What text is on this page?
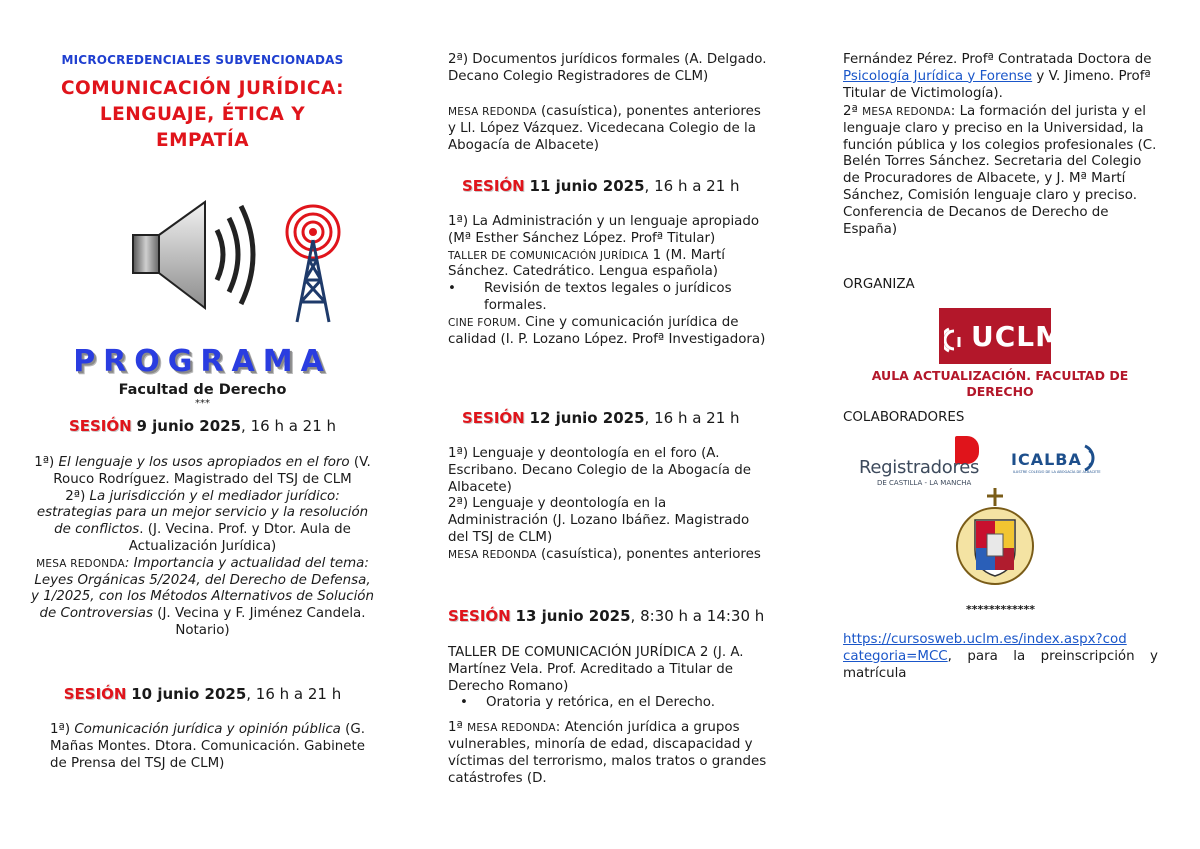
MICROCREDENCIALES SUBVENCIONADAS
COMUNICACIÓN JURÍDICA:
LENGUAJE, ÉTICA Y
EMPATÍA
PROGRAMA
Facultad de Derecho
***
SESIÓN 9 junio 2025, 16 h a 21 h
1ª) El lenguaje y los usos apropiados en el foro (V. Rouco Rodríguez. Magistrado del TSJ de CLM
2ª) La jurisdicción y el mediador jurídico: estrategias para un mejor servicio y la resolución de conflictos. (J. Vecina. Prof. y Dtor. Aula de Actualización Jurídica)
MESA REDONDA: Importancia y actualidad del tema: Leyes Orgánicas 5/2024, del Derecho de Defensa, y 1/2025, con los Métodos Alternativos de Solución de Controversias (J. Vecina y F. Jiménez Candela. Notario)
SESIÓN 10 junio 2025, 16 h a 21 h
1ª) Comunicación jurídica y opinión pública (G. Mañas Montes. Dtora. Comunicación. Gabinete de Prensa del TSJ de CLM)
2ª) Documentos jurídicos formales (A. Delgado. Decano Colegio Registradores de CLM)
MESA REDONDA (casuística), ponentes anteriores y Ll. López Vázquez. Vicedecana Colegio de la Abogacía de Albacete)
SESIÓN 11 junio 2025, 16 h a 21 h
1ª) La Administración y un lenguaje apropiado (Mª Esther Sánchez López. Profª Titular)
TALLER DE COMUNICACIÓN JURÍDICA 1 (M. Martí Sánchez. Catedrático. Lengua española)
•	Revisión de textos legales o jurídicos formales.
CINE FORUM. Cine y comunicación jurídica de calidad (I. P. Lozano López. Profª Investigadora)
SESIÓN 12 junio 2025, 16 h a 21 h
1ª) Lenguaje y deontología en el foro (A. Escribano. Decano Colegio de la Abogacía de Albacete)
2ª) Lenguaje y deontología en la Administración (J. Lozano Ibáñez. Magistrado del TSJ de CLM)
MESA REDONDA (casuística), ponentes anteriores
SESIÓN 13 junio 2025, 8:30 h a 14:30 h
TALLER DE COMUNICACIÓN JURÍDICA 2 (J. A. Martínez Vela. Prof. Acreditado a Titular de Derecho Romano)
•	Oratoria y retórica, en el Derecho.
1ª MESA REDONDA: Atención jurídica a grupos vulnerables, minoría de edad, discapacidad y víctimas del terrorismo, malos tratos o grandes catástrofes (D.
Fernández Pérez. Profª Contratada Doctora de Psicología Jurídica y Forense y V. Jimeno. Profª Titular de Victimología).
2ª MESA REDONDA: La formación del jurista y el lenguaje claro y preciso en la Universidad, la función pública y los colegios profesionales (C. Belén Torres Sánchez. Secretaria del Colegio de Procuradores de Albacete, y J. Mª Martí Sánchez, Comisión lenguaje claro y preciso. Conferencia de Decanos de Derecho de España)
ORGANIZA
UCLM
AULA ACTUALIZACIÓN. FACULTAD DE DERECHO
COLABORADORES
Registradores
DE CASTILLA - LA MANCHA
ICALBA
ILUSTRE COLEGIO DE LA ABOGACÍA DE ALBACETE
************
https://cursosweb.uclm.es/index.aspx?cod categoria=MCC, para la preinscripción y matrícula
